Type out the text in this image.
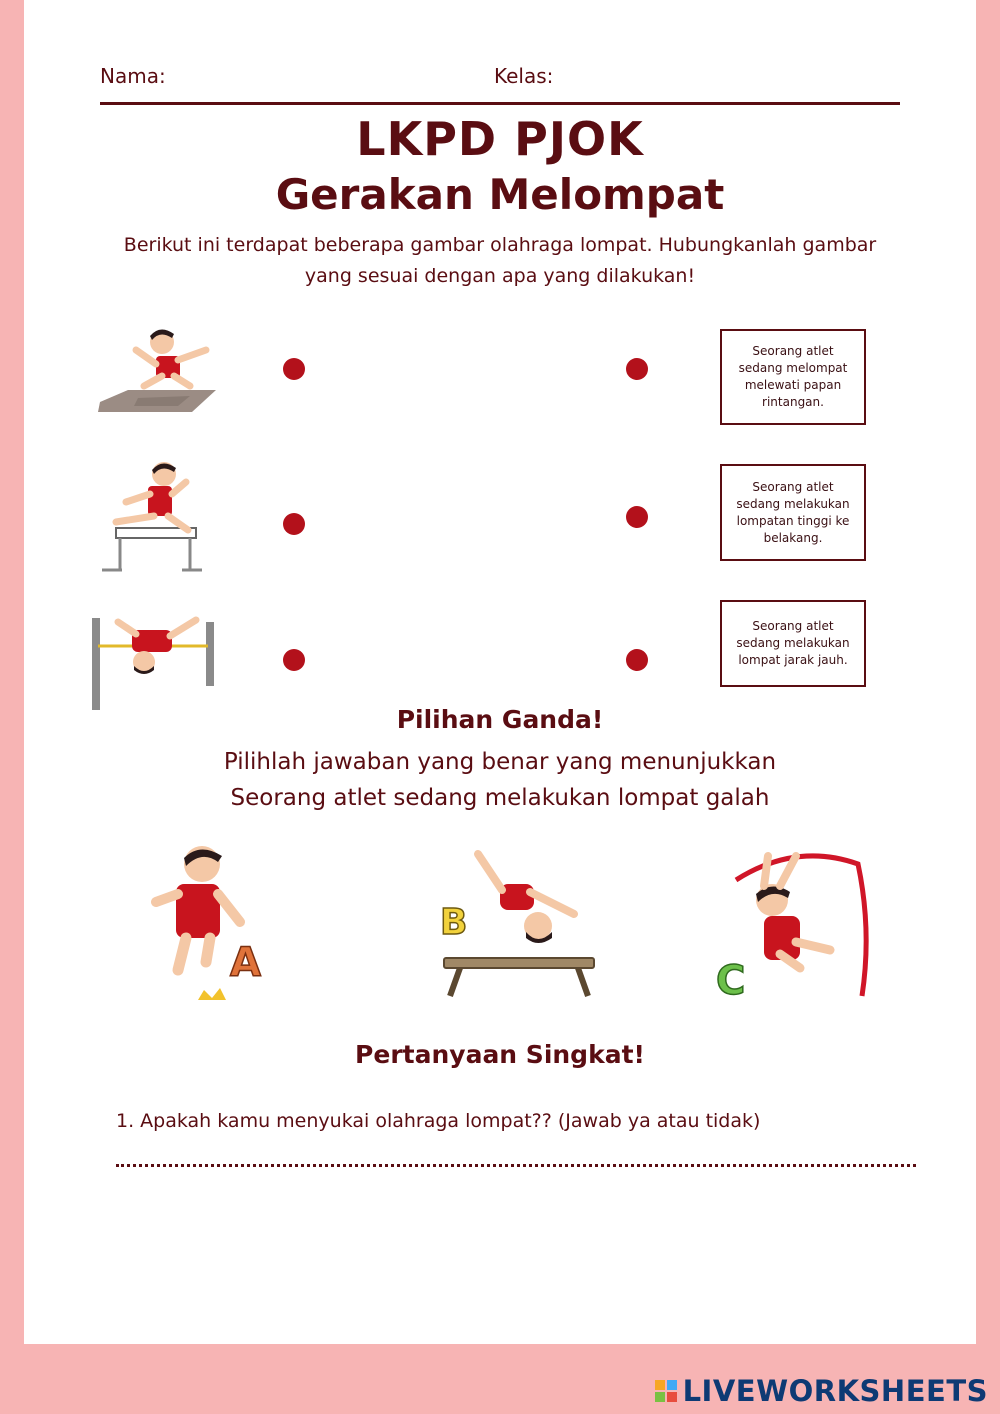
Nama:	Kelas:
LKPD PJOK
Gerakan Melompat
Berikut ini terdapat beberapa gambar olahraga lompat. Hubungkanlah gambar yang sesuai dengan apa yang dilakukan!
Seorang atlet sedang melompat melewati papan rintangan.
Seorang atlet sedang melakukan lompatan tinggi ke belakang.
Seorang atlet sedang melakukan lompat jarak jauh.
Pilihan Ganda!
Pilihlah jawaban yang benar yang menunjukkan
Seorang atlet sedang melakukan lompat galah
A
B
C
Pertanyaan Singkat!
1. Apakah kamu menyukai olahraga lompat?? (Jawab ya atau tidak)
LIVEWORKSHEETS
